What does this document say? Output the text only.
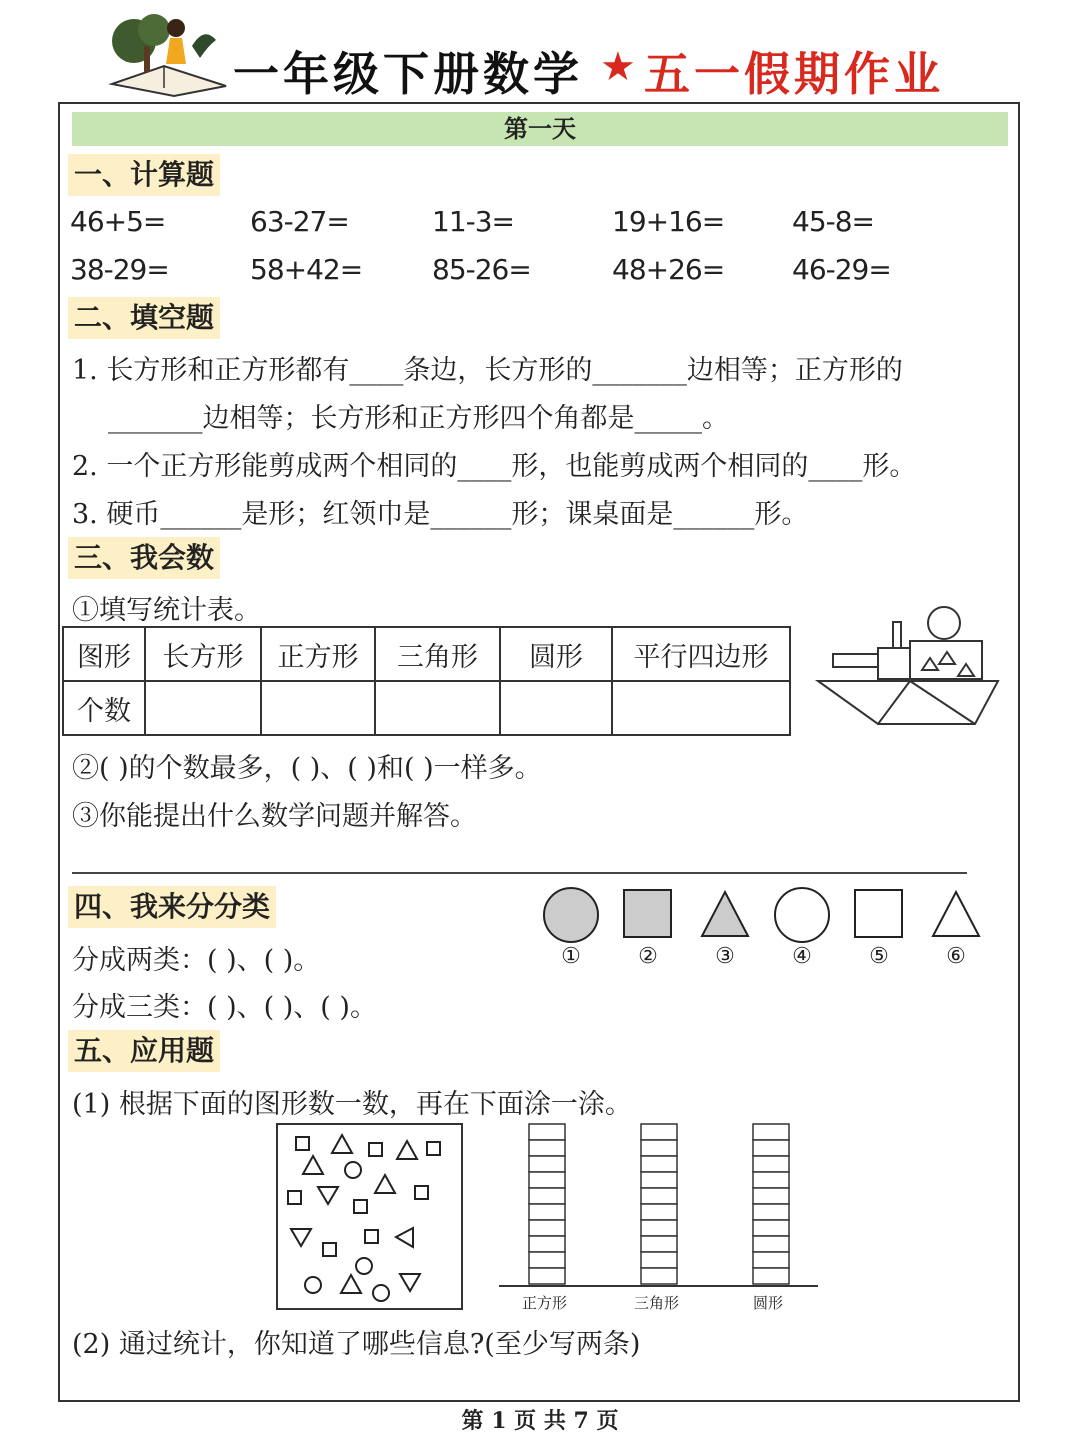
一年级下册数学 ★ 五一假期作业
第一天
一、计算题
46+5=	63-27=	11-3=	19+16= 45-8=
38-29=	58+42= 85-26=	48+26= 46-29=
二、填空题
1. 长方形和正方形都有____条边，长方形的_______边相等；正方形的
_______边相等；长方形和正方形四个角都是_____。
2. 一个正方形能剪成两个相同的____形，也能剪成两个相同的____形。
3. 硬币______是形；红领巾是______形；课桌面是______形。
三、我会数
①填写统计表。
图形	长方形	正方形	三角形	圆形	平行四边形
个数					
②( )的个数最多，( )、( )和( )一样多。
③你能提出什么数学问题并解答。
四、我来分分类
分成两类：( )、( )。
分成三类：( )、( )、( )。
①	②	③	④	⑤	⑥
五、应用题
(1) 根据下面的图形数一数，再在下面涂一涂。
正方形	三角形	圆形
(2) 通过统计，你知道了哪些信息?(至少写两条)
第 1 页 共 7 页
